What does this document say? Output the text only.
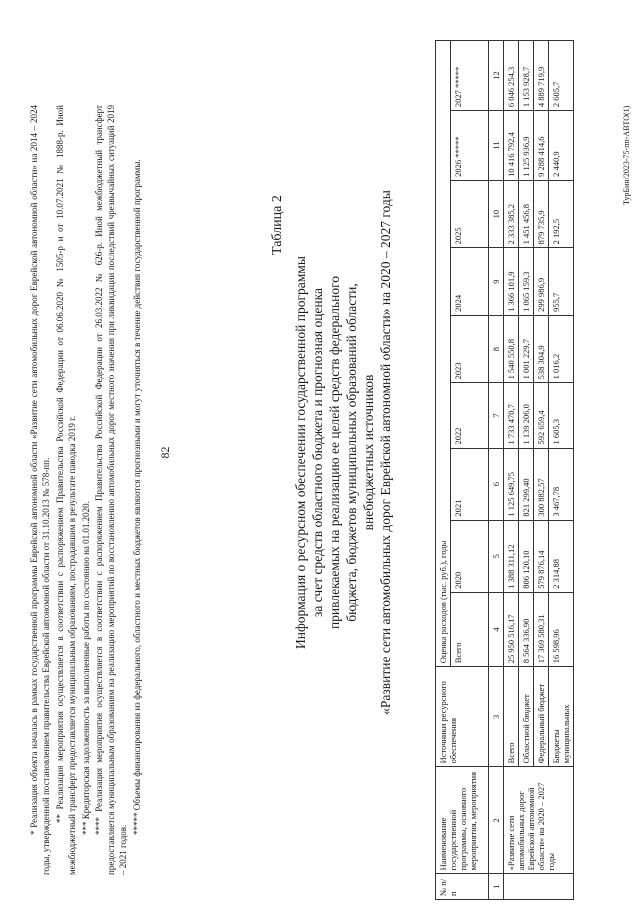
* Реализация объекта началась в рамках государственной программы Еврейской автономной области «Развитие сети автомобильных дорог Еврейской автономной области» на 2014 – 2024 годы, утвержденной постановлением правительства Еврейской автономной области от 31.10.2013 № 578-пп. ** Реализация мероприятия осуществляется в соответствии с распоряжением Правительства Российской Федерации от 06.06.2020 № 1505-р и от 10.07.2021 № 1888-р. Иной межбюджетный трансферт предоставляется муниципальным образованиям, пострадавшим в результате паводка 2019 г. *** Кредиторская задолженность за выполненные работы по состоянию на 01.01.2020. **** Реализация мероприятия осуществляется в соответствии с распоряжением Правительства Российской Федерации от 26.03.2022 № 626-р. Иной межбюджетный трансферт предоставляется муниципальным образованиям на реализацию мероприятий по восстановлению автомобильных дорог местного значения при ликвидации последствий чрезвычайных ситуаций 2019 – 2021 годов.
***** Объемы финансирования из федерального, областного и местных бюджетов являются прогнозными и могут уточняться в течение действия государственной программы. 82
Таблица 2
Информация о ресурсном обеспечении государственной программы за счет средств областного бюджета и прогнозная оценка привлекаемых на реализацию ее целей средств федерального бюджета, бюджетов муниципальных образований области, внебюджетных источников «Развитие сети автомобильных дорог Еврейской автономной области» на 2020 – 2027 годы
№ п/п	Наименование государственной программы, основного мероприятия, мероприятия	Источники ресурсного обеспечения	Оценка расходов (тыс. руб.), годы								
			Всего	2020	2021	2022	2023	2024	2025	2026 *****	2027 *****
1	2	3	4	5	6	7	8	9	10	11	12
	«Развитие сети автомобильных дорог Еврейской автономной области» на 2020 – 2027 годы	Всего	25 950 516,17	1 388 311,12	1 125 649,75	1 733 470,7	1 540 550,8	1 366 101,9	2 333 385,2	10 416 792,4	6 046 254,3
		Областной бюджет	8 564 336,90	806 120,10	821 299,40	1 139 206,0	1 001 229,7	1 065 159,3	1 451 456,8	1 125 936,9	1 153 928,7
		Федеральный бюджет	17 369 580,31	579 876,14	300 882,57	592 659,4	538 304,9	299 986,9	879 735,9	9 288 414,6	4 889 719,9
		Бюджеты муниципальных	16 598,96	2 314,88	3 467,78	1 605,3	1 016,2	955,7	2 192,5	2 440,9	2 605,7
ТурБин/2023-75-пп-АВТО(1)
